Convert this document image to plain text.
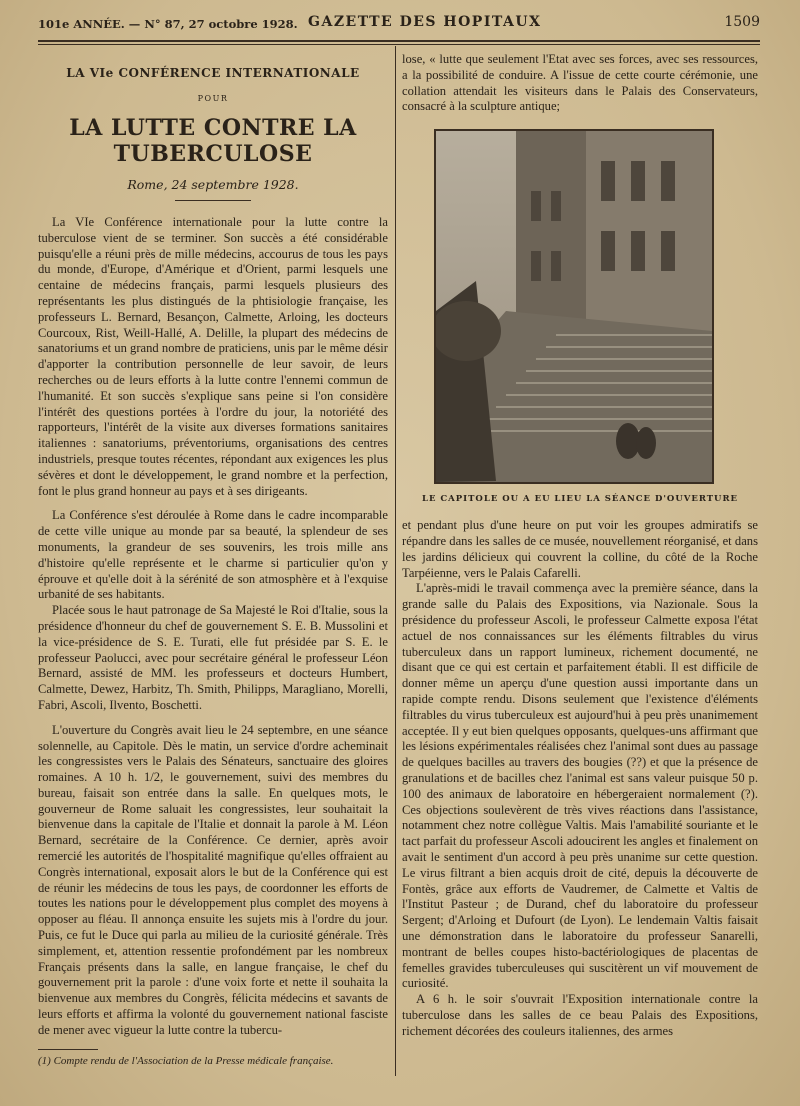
101e ANNÉE. — N° 87, 27 octobre 1928. GAZETTE DES HOPITAUX	1509
LA VIe CONFÉRENCE INTERNATIONALE
POUR
LA LUTTE CONTRE LA TUBERCULOSE
Rome, 24 septembre 1928.

La VIe Conférence internationale pour la lutte contre la tuberculose vient de se terminer. Son succès a été considérable puisqu'elle a réuni près de mille médecins, accourus de tous les pays du monde, d'Europe, d'Amérique et d'Orient, parmi lesquels une centaine de médecins français, parmi lesquels plusieurs des représentants les plus distingués de la phtisiologie française, les professeurs L. Bernard, Besançon, Calmette, Arloing, les docteurs Courcoux, Rist, Weill-Hallé, A. Delille, la plupart des médecins de sanatoriums et un grand nombre de praticiens, unis par le même désir d'apporter la contribution personnelle de leur savoir, de leurs recherches ou de leurs efforts à la lutte contre l'ennemi commun de l'humanité. Et son succès s'explique sans peine si l'on considère l'intérêt des questions portées à l'ordre du jour, la notoriété des rapporteurs, l'intérêt de la visite aux diverses formations sanitaires italiennes : sanatoriums, préventoriums, organisations des centres industriels, presque toutes récentes, répondant aux exigences les plus sévères et dont le développement, le grand nombre et la perfection, font le plus grand honneur au pays et à ses dirigeants.

La Conférence s'est déroulée à Rome dans le cadre incomparable de cette ville unique au monde par sa beauté, la splendeur de ses monuments, la grandeur de ses souvenirs, les trois mille ans d'histoire qu'elle représente et le charme si particulier qu'on y éprouve et qu'elle doit à la sérénité de son atmosphère et à l'exquise urbanité de ses habitants.

Placée sous le haut patronage de Sa Majesté le Roi d'Italie, sous la présidence d'honneur du chef de gouvernement S. E. B. Mussolini et la vice-présidence de S. E. Turati, elle fut présidée par S. E. le professeur Paolucci, avec pour secrétaire général le professeur Léon Bernard, assisté de MM. les professeurs et docteurs Humbert, Calmette, Dewez, Harbitz, Th. Smith, Philipps, Maragliano, Morelli, Fabri, Ascoli, Ilvento, Boschetti.

L'ouverture du Congrès avait lieu le 24 septembre, en une séance solennelle, au Capitole. Dès le matin, un service d'ordre acheminait les congressistes vers le Palais des Sénateurs, sanctuaire des gloires romaines. A 10 h. 1/2, le gouvernement, suivi des membres du bureau, faisait son entrée dans la salle. En quelques mots, le gouverneur de Rome saluait les congressistes, leur souhaitait la bienvenue dans la capitale de l'Italie et donnait la parole à M. Léon Bernard, secrétaire de la Conférence. Ce dernier, après avoir remercié les autorités de l'hospitalité magnifique qu'elles offraient au Congrès international, exposait alors le but de la Conférence qui est de réunir les médecins de tous les pays, de coordonner les efforts de toutes les nations pour le développement plus complet des moyens à opposer au fléau. Il annonça ensuite les sujets mis à l'ordre du jour. Puis, ce fut le Duce qui parla au milieu de la curiosité générale. Très simplement, et, attention ressentie profondément par les nombreux Français présents dans la salle, en langue française, le chef du gouvernement prit la parole : d'une voix forte et nette il souhaita la bienvenue aux membres du Congrès, félicita médecins et savants de leurs efforts et affirma la volonté du gouvernement national fasciste de mener avec vigueur la lutte contre la tubercu-

(1) Compte rendu de l'Association de la Presse médicale française.

lose, « lutte que seulement l'Etat avec ses forces, avec ses ressources, a la possibilité de conduire. A l'issue de cette courte cérémonie, une collation attendait les visiteurs dans le Palais des Conservateurs, consacré à la sculpture antique;

LE CAPITOLE OU A EU LIEU LA SÉANCE D'OUVERTURE

et pendant plus d'une heure on put voir les groupes admiratifs se répandre dans les salles de ce musée, nouvellement réorganisé, et dans les jardins délicieux qui couvrent la colline, du côté de la Roche Tarpéienne, vers le Palais Cafarelli.

L'après-midi le travail commença avec la première séance, dans la grande salle du Palais des Expositions, via Nazionale. Sous la présidence du professeur Ascoli, le professeur Calmette exposa l'état actuel de nos connaissances sur les éléments filtrables du virus tuberculeux dans un rapport lumineux, richement documenté, ne disant que ce qui est certain et parfaitement établi. Il est difficile de donner même un aperçu d'une question aussi importante dans un rapide compte rendu. Disons seulement que l'existence d'éléments filtrables du virus tuberculeux est aujourd'hui à peu près unanimement acceptée. Il y eut bien quelques opposants, quelques-uns affirmant que les lésions expérimentales réalisées chez l'animal sont dues au passage de quelques bacilles au travers des bougies (??) et que la présence de granulations et de bacilles chez l'animal est sans valeur puisque 50 p. 100 des animaux de laboratoire en hébergeraient normalement (?). Ces objections soulevèrent de très vives réactions dans l'assistance, notamment chez notre collègue Valtis. Mais l'amabilité souriante et le tact parfait du professeur Ascoli adoucirent les angles et finalement on avait le sentiment d'un accord à peu près unanime sur cette question. Le virus filtrant a bien acquis droit de cité, depuis la découverte de Fontès, grâce aux efforts de Vaudremer, de Calmette et Valtis de l'Institut Pasteur ; de Durand, chef du laboratoire du professeur Sergent; d'Arloing et Dufourt (de Lyon). Le lendemain Valtis faisait une démonstration dans le laboratoire du professeur Sanarelli, montrant de belles coupes histo-bactériologiques de placentas de femelles gravides tuberculeuses qui suscitèrent un vif mouvement de curiosité.

A 6 h. le soir s'ouvrait l'Exposition internationale contre la tuberculose dans les salles de ce beau Palais des Expositions, richement décorées des couleurs italiennes, des armes
